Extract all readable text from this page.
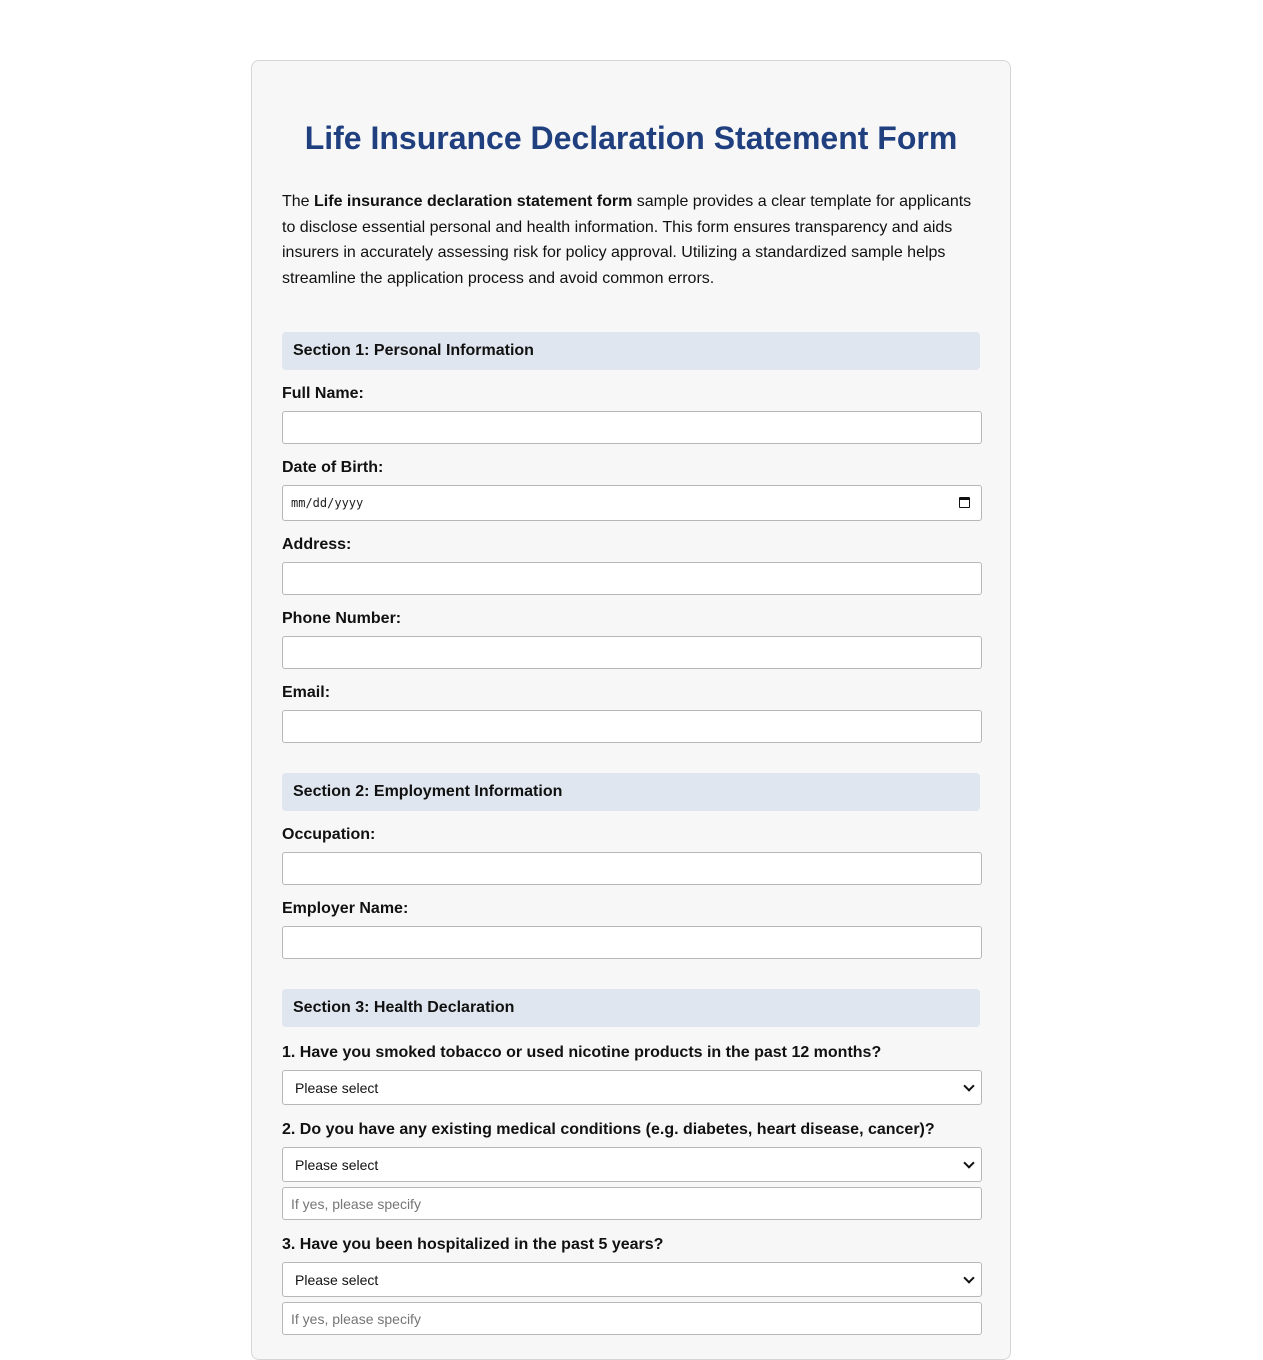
Life Insurance Declaration Statement Form

The Life insurance declaration statement form sample provides a clear template for applicants to disclose essential personal and health information. This form ensures transparency and aids insurers in accurately assessing risk for policy approval. Utilizing a standardized sample helps streamline the application process and avoid common errors.

Section 1: Personal Information
Full Name:
Date of Birth:
mm/dd/yyyy
Address:
Phone Number:
Email:
Section 2: Employment Information
Occupation:
Employer Name:
Section 3: Health Declaration
1. Have you smoked tobacco or used nicotine products in the past 12 months?
Please select
2. Do you have any existing medical conditions (e.g. diabetes, heart disease, cancer)?
Please select
If yes, please specify
3. Have you been hospitalized in the past 5 years?
Please select
If yes, please specify
